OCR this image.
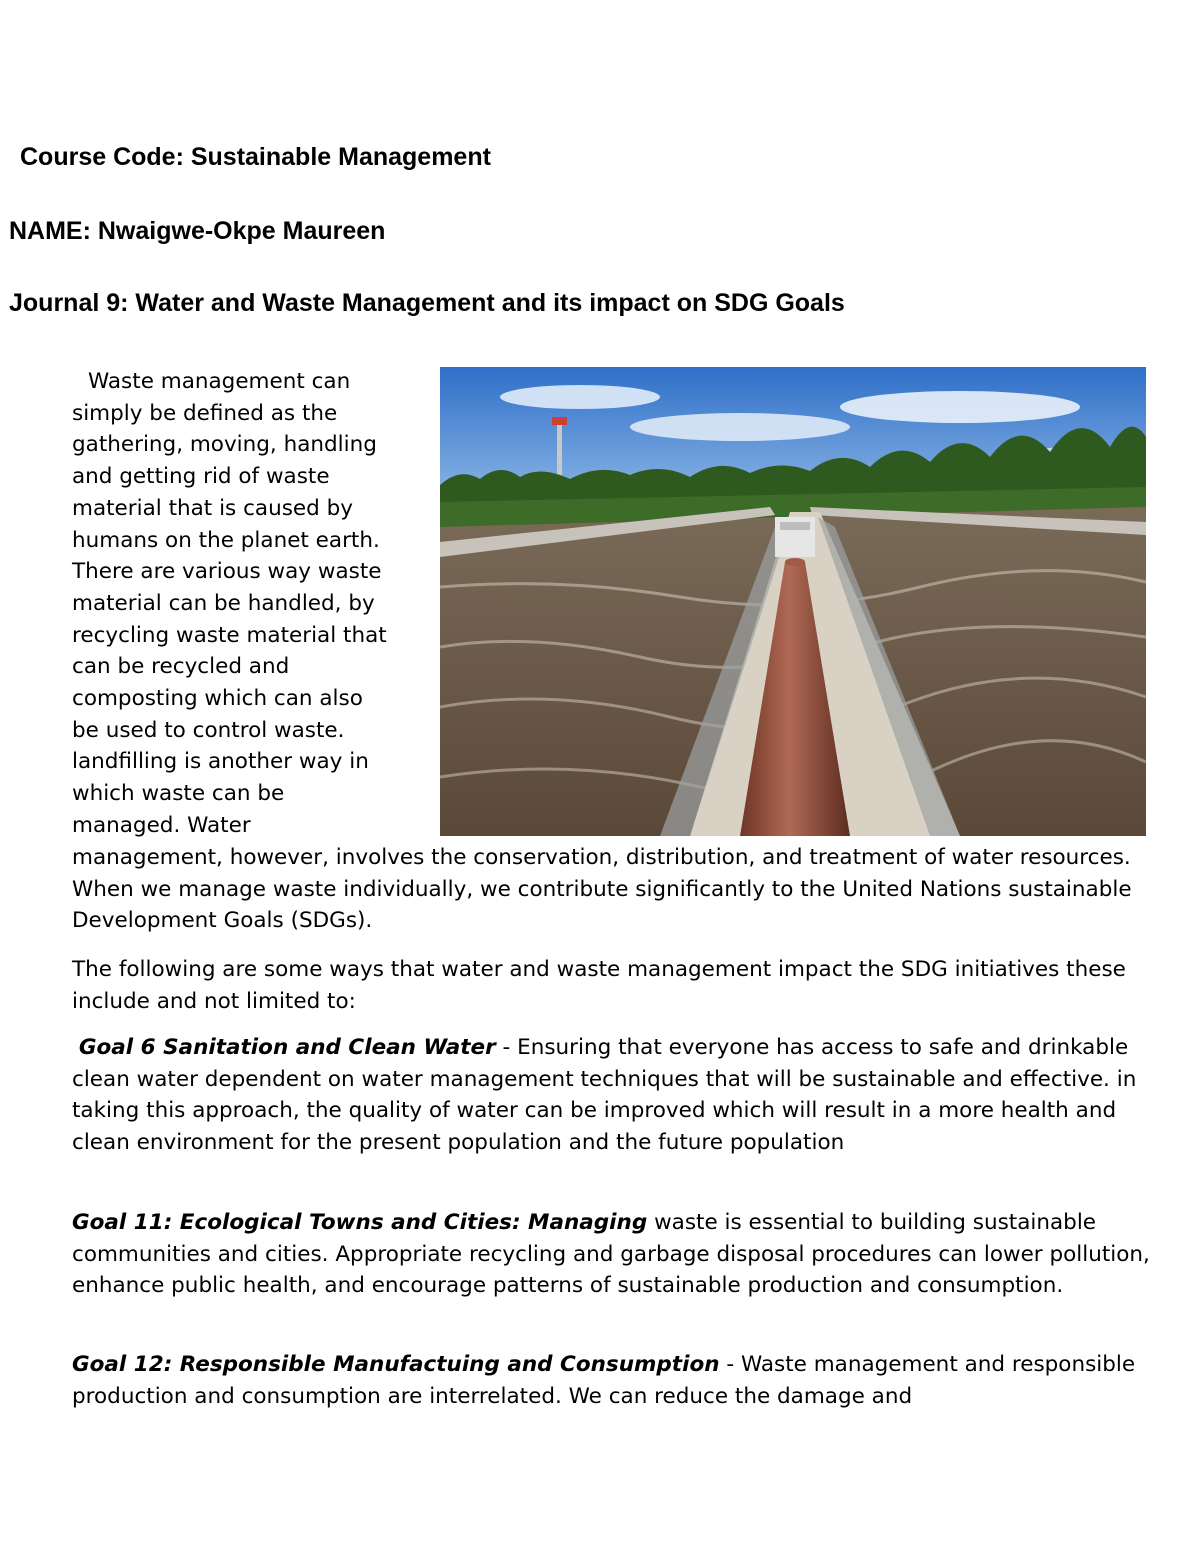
Course Code: Sustainable Management

NAME: Nwaigwe-Okpe Maureen

Journal 9: Water and Waste Management and its impact on SDG Goals

Waste management can
simply be defined as the
gathering, moving, handling
and getting rid of waste
material that is caused by
humans on the planet earth.
There are various way waste
material can be handled, by
recycling waste material that
can be recycled and
composting which can also
be used to control waste.
landfilling is another way in
which waste can be
managed. Water

management, however, involves the conservation, distribution, and treatment of water resources. When we manage waste individually, we contribute significantly to the United Nations sustainable Development Goals (SDGs).

The following are some ways that water and waste management impact the SDG initiatives these include and not limited to:

Goal 6 Sanitation and Clean Water - Ensuring that everyone has access to safe and drinkable clean water dependent on water management techniques that will be sustainable and effective. in taking this approach, the quality of water can be improved which will result in a more health and clean environment for the present population and the future population

Goal 11: Ecological Towns and Cities: Managing waste is essential to building sustainable communities and cities. Appropriate recycling and garbage disposal procedures can lower pollution, enhance public health, and encourage patterns of sustainable production and consumption.

Goal 12: Responsible Manufactuing and Consumption - Waste management and responsible production and consumption are interrelated. We can reduce the damage and
